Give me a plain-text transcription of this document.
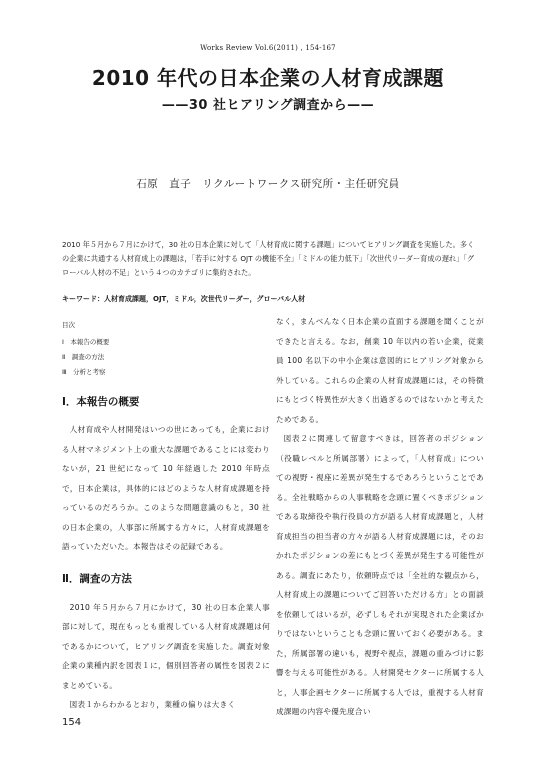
Works Review Vol.6(2011) , 154-167
2010 年代の日本企業の人材育成課題
——30 社ヒアリング調査から——
石原　直子　リクルートワークス研究所・主任研究員
2010 年５月から７月にかけて，30 社の日本企業に対して「人材育成に関する課題」についてヒアリング調査を実施した。多くの企業に共通する人材育成上の課題は，「若手に対する OJT の機能不全」「ミドルの能力低下」「次世代リーダー育成の遅れ」「グローバル人材の不足」という４つのカテゴリに集約された。
キーワード：人材育成課題，OJT，ミドル，次世代リーダー，グローバル人材
目次
Ⅰ　本報告の概要
Ⅱ　調査の方法
Ⅲ　分析と考察
Ⅰ．本報告の概要

人材育成や人材開発はいつの世にあっても，企業における人材マネジメント上の重大な課題であることには変わりないが，21 世紀になって 10 年経過した 2010 年時点で，日本企業は，具体的にはどのような人材育成課題を持っているのだろうか。このような問題意識のもと，30 社の日本企業の，人事部に所属する方々に，人材育成課題を語っていただいた。本報告はその記録である。

Ⅱ．調査の方法

2010 年５月から７月にかけて，30 社の日本企業人事部に対して，現在もっとも重視している人材育成課題は何であるかについて，ヒアリング調査を実施した。調査対象企業の業種内訳を図表１に，個別回答者の属性を図表２にまとめている。

図表１からわかるとおり，業種の偏りは大きく

なく，まんべんなく日本企業の直面する課題を聞くことができたと言える。なお，創業 10 年以内の若い企業，従業員 100 名以下の中小企業は意図的にヒアリング対象から外している。これらの企業の人材育成課題には，その特徴にもとづく特異性が大きく出過ぎるのではないかと考えたためである。

図表２に関連して留意すべきは，回答者のポジション（役職レベルと所属部署）によって，「人材育成」についての視野・視座に差異が発生するであろうということである。全社戦略からの人事戦略を念頭に置くべきポジションである取締役や執行役員の方が語る人材育成課題と，人材育成担当の担当者の方々が語る人材育成課題には，そのおかれたポジションの差にもとづく差異が発生する可能性がある。調査にあたり，依頼時点では「全社的な観点から，人材育成上の課題についてご回答いただける方」との面談を依頼してはいるが，必ずしもそれが実現された企業ばかりではないということも念頭に置いておく必要がある。また，所属部署の違いも，視野や視点，課題の重みづけに影響を与える可能性がある。人材開発セクターに所属する人と，人事企画セクターに所属する人では，重視する人材育成課題の内容や優先度合い

154
